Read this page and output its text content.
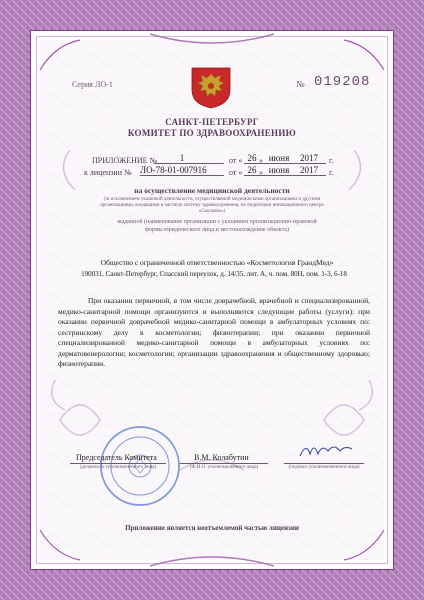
Серия ЛО-1	№ 019208
САНКТ-ПЕТЕРБУРГ
КОМИТЕТ ПО ЗДРАВООХРАНЕНИЮ
ПРИЛОЖЕНИЕ №	1	от « 26 » июня	2017	г.
к лицензии № ЛО-78-01-007916	от « 26 » июня	2017	г.
на осуществление медицинской деятельности
(за исключением указанной деятельности, осуществляемой медицинскими организациями и другими организациями, входящими в частную систему здравоохранения, на территории инновационного центра «Сколково»)
выданной (наименование организации с указанием организационно-правовой формы юридического лица и местонахождение объекта)
Общество с ограниченной ответственностью «Косметология ГрандМед»
190031, Санкт-Петербург, Спасский переулок, д. 14/35, лит. А, ч. пом. 80Н, пом. 1-3, 6-18
При оказании первичной, в том числе доврачебной, врачебной и специализированной, медико-санитарной помощи организуются и выполняются следующие работы (услуги): при оказании первичной доврачебной медико-санитарной помощи в амбулаторных условиях по: сестринскому делу в косметологии; физиотерапии; при оказании первичной специализированной медико-санитарной помощи в амбулаторных условиях по: дерматовенерологии; косметологии; организации здравоохранения и общественному здоровью; физиотерапии.
Председатель Комитета
(должность уполномоченного лица)
В.М. Колабутин
(Ф.И.О. уполномоченного лица)	(подпись уполномоченного лица)
Приложение является неотъемлемой частью лицензии
